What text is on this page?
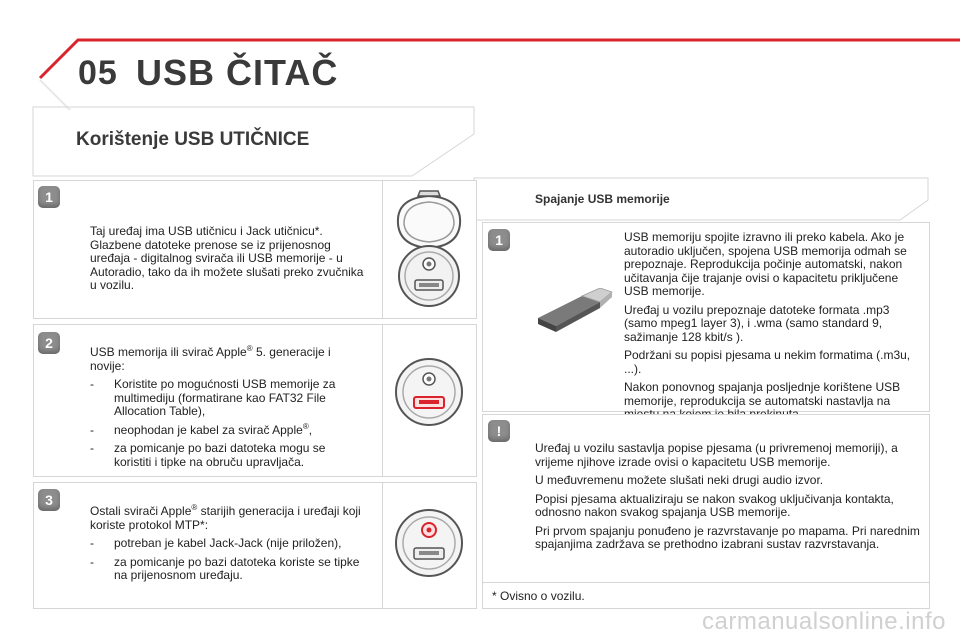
05 USB ČITAČ
Korištenje USB UTIČNICE
Spajanje USB memorije
1

Taj uređaj ima USB utičnicu i Jack utičnicu*. Glazbene datoteke prenose se iz prijenosnog uređaja - digitalnog svirača ili USB memorije - u Autoradio, tako da ih možete slušati preko zvučnika u vozilu.

2

USB memorija ili svirač Apple® 5. generacije i novije:

- Koristite po mogućnosti USB memorije za multimediju (formatirane kao FAT32 File Allocation Table),
- neophodan je kabel za svirač Apple®,
- za pomicanje po bazi datoteka mogu se koristiti i tipke na obruču upravljača.
3

Ostali svirači Apple® starijih generacija i uređaji koji koriste protokol MTP*:

- potreban je kabel Jack-Jack (nije priložen),
- za pomicanje po bazi datoteka koriste se tipke na prijenosnom uređaju.
1	USB memoriju spojite izravno ili preko kabela. Ako je autoradio uključen, spojena USB memorija odmah se prepoznaje. Reprodukcija počinje automatski, nakon učitavanja čije trajanje ovisi o kapacitetu priključene USB memorije.

Uređaj u vozilu prepoznaje datoteke formata .mp3 (samo mpeg1 layer 3), i .wma (samo standard 9, sažimanje 128 kbit/s ).

Podržani su popisi pjesama u nekim formatima (.m3u, ...).

Nakon ponovnog spajanja posljednje korištene USB memorije, reprodukcija se automatski nastavlja na

!

Uređaj u vozilu sastavlja popise pjesama (u privremenoj memoriji), a vrijeme njihove izrade ovisi o kapacitetu USB memorije.

U međuvremenu možete slušati neki drugi audio izvor.

Popisi pjesama aktualiziraju se nakon svakog uključivanja kontakta, odnosno nakon svakog spajanja USB memorije.

Pri prvom spajanju ponuđeno je razvrstavanje po mapama. Pri narednim spajanjima zadržava se prethodno izabrani sustav razvrstavanja.

* Ovisno o vozilu.
carmanualsonline.info
